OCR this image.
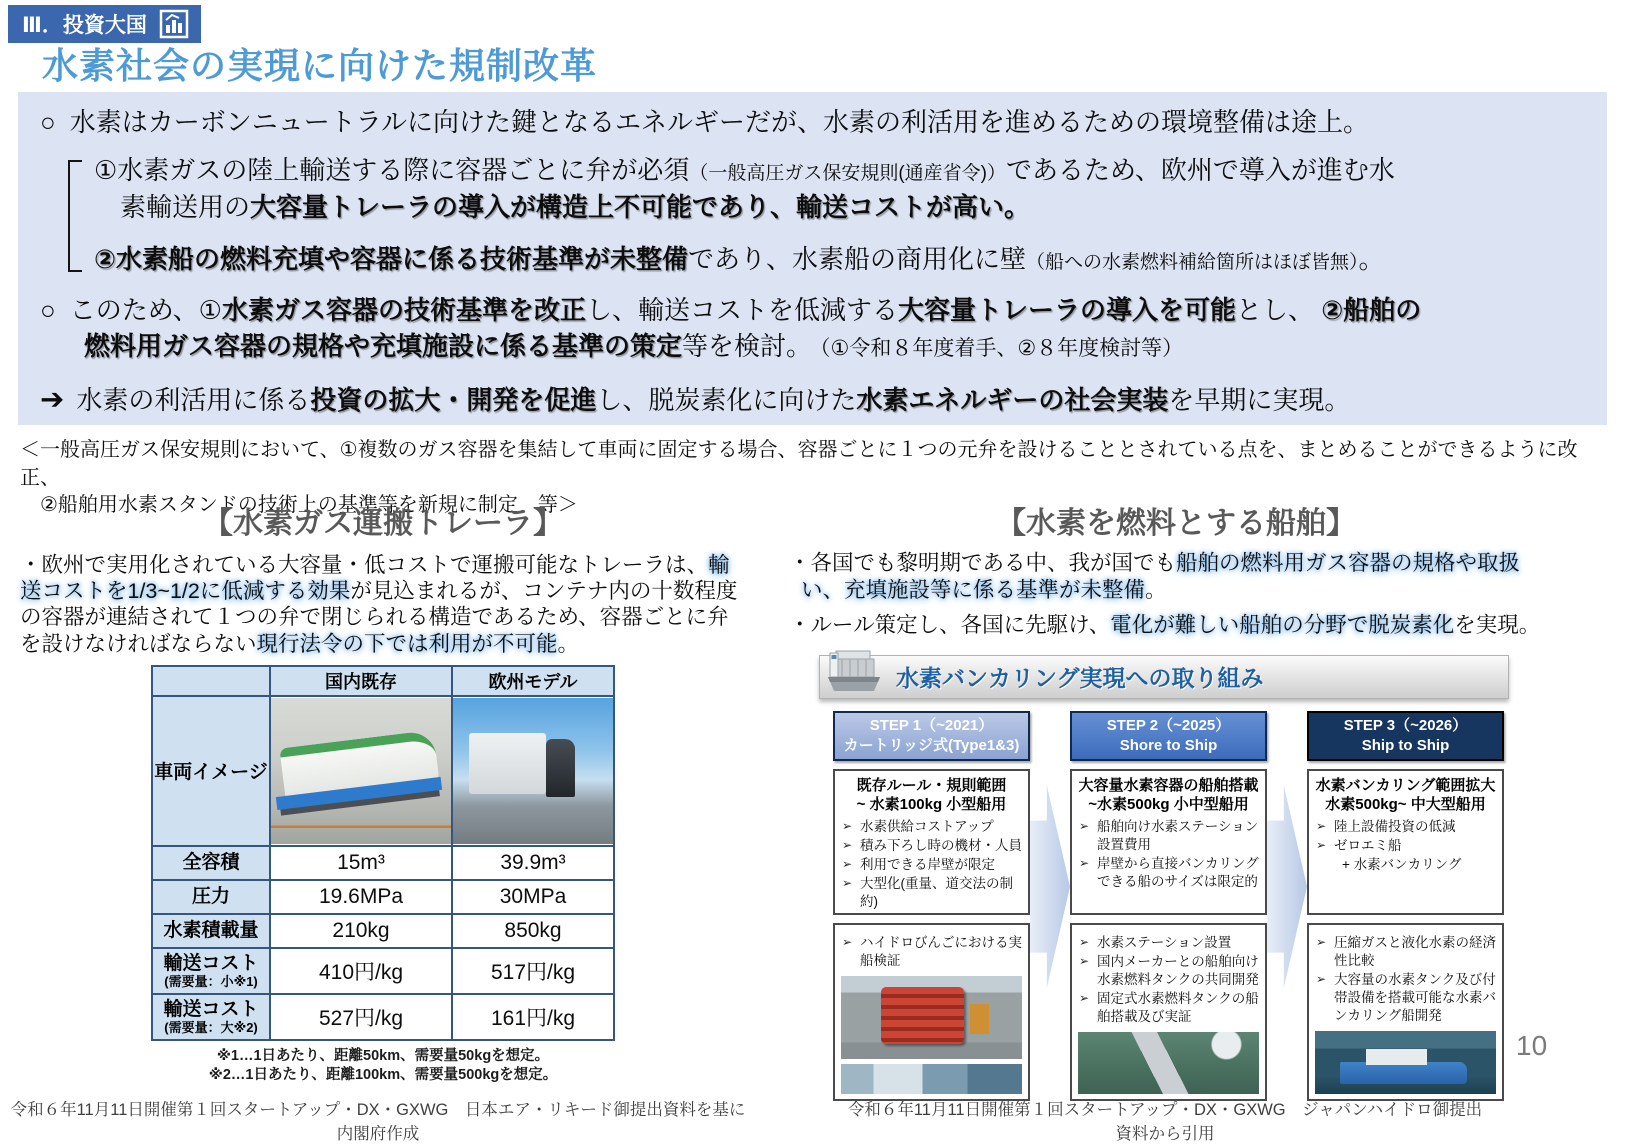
Ⅲ．投資大国
水素社会の実現に向けた規制改革

○ 水素はカーボンニュートラルに向けた鍵となるエネルギーだが、水素の利活用を進めるための環境整備は途上。

①水素ガスの陸上輸送する際に容器ごとに弁が必須（一般高圧ガス保安規則(通産省令)）であるため、欧州で導入が進む水
素輸送用の大容量トレーラの導入が構造上不可能であり、輸送コストが高い。

②水素船の燃料充填や容器に係る技術基準が未整備であり、水素船の商用化に壁（船への水素燃料補給箇所はほぼ皆無）。

○ このため、①水素ガス容器の技術基準を改正し、輸送コストを低減する大容量トレーラの導入を可能とし、 ②船舶の
燃料用ガス容器の規格や充填施設に係る基準の策定等を検討。　（①令和８年度着手、②８年度検討等）

➔ 水素の利活用に係る投資の拡大・開発を促進し、脱炭素化に向けた水素エネルギーの社会実装を早期に実現。

＜一般高圧ガス保安規則において、①複数のガス容器を集結して車両に固定する場合、容器ごとに１つの元弁を設けることとされている点を、まとめることができるように改正、
　②船舶用水素スタンドの技術上の基準等を新規に制定　等＞

【水素ガス運搬トレーラ】

・欧州で実用化されている大容量・低コストで運搬可能なトレーラは、輸送コストを1/3~1/2に低減する効果が見込まれるが、コンテナ内の十数程度の容器が連結されて１つの弁で閉じられる構造であるため、容器ごとに弁を設けなければならない現行法令の下では利用が不可能。

	国内既存	欧州モデル
車両イメージ	

全容積	15m³	39.9m³

圧力	19.6MPa	30MPa

水素積載量	210kg	850kg

輸送コスト
(需要量：小※1)	410円/kg	517円/kg

輸送コスト
(需要量：大※2)	527円/kg	161円/kg
※1…1日あたり、距離50km、需要量50kgを想定。
※2…1日あたり、距離100km、需要量500kgを想定。
【水素を燃料とする船舶】

・各国でも黎明期である中、我が国でも船舶の燃料用ガス容器の規格や取扱
い、充填施設等に係る基準が未整備。

・ルール策定し、各国に先駆け、電化が難しい船舶の分野で脱炭素化を実現。

水素バンカリング実現への取り組み
STEP 1（~2021）
カートリッジ式(Type1&3)
既存ルール・規則範囲
~ 水素100kg 小型船用
➢ 水素供給コストアップ
➢ 積み下ろし時の機材・人員
➢ 利用できる岸壁が限定
➢ 大型化(重量、道交法の制約)
➢ ハイドロびんごにおける実船検証
STEP 2（~2025）
Shore to Ship
大容量水素容器の船舶搭載
~水素500kg 小中型船用
➢ 船舶向け水素ステーション設置費用
➢ 岸壁から直接バンカリングできる船のサイズは限定的
➢ 水素ステーション設置
➢ 国内メーカーとの船舶向け水素燃料タンクの共同開発
➢ 固定式水素燃料タンクの船舶搭載及び実証
STEP 3（~2026）
Ship to Ship
水素バンカリング範囲拡大
水素500kg~ 中大型船用
➢ 陸上設備投資の低減
➢ ゼロエミ船
+ 水素バンカリング
➢ 圧縮ガスと液化水素の経済性比較
➢ 大容量の水素タンク及び付帯設備を搭載可能な水素バンカリング船開発

令和６年11月11日開催第１回スタートアップ・DX・GXWG　日本エア・リキード御提出資料を基に内閣府作成

令和６年11月11日開催第１回スタートアップ・DX・GXWG　ジャパンハイドロ御提出資料から引用

10
